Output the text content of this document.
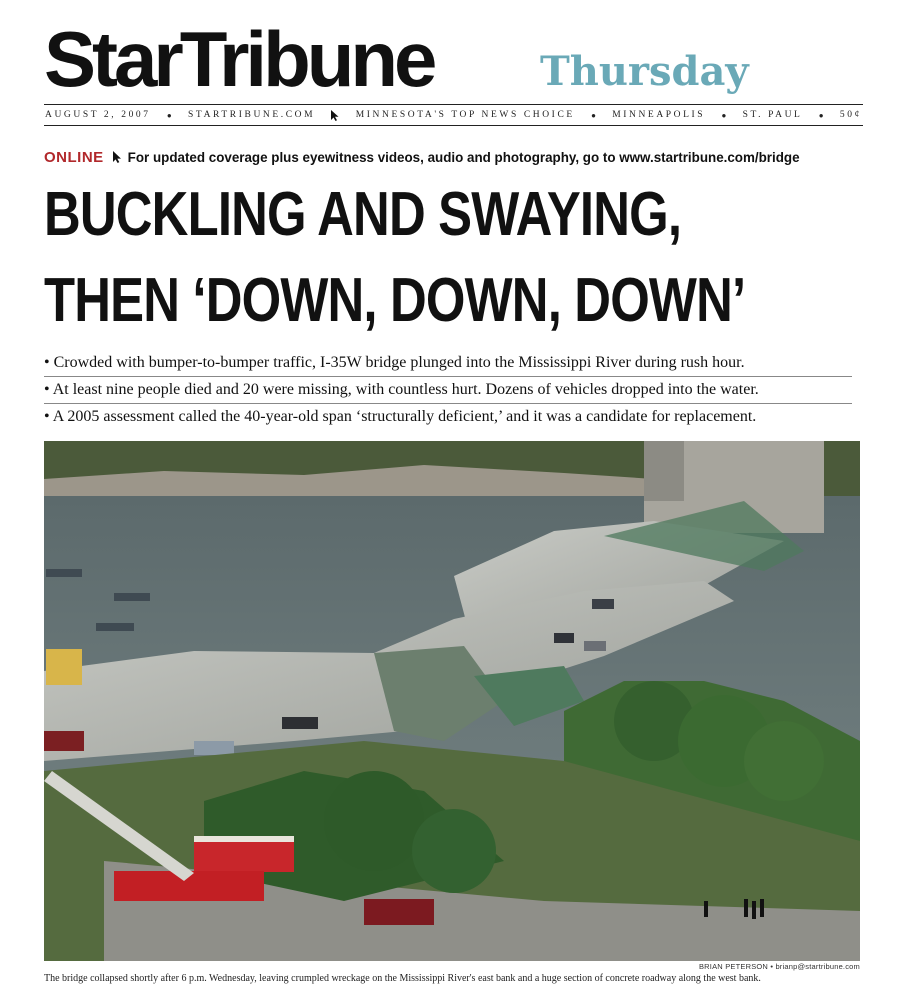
StarTribune	Thursday
AUGUST 2, 2007 ● STARTRIBUNE.COM	MINNESOTA'S TOP NEWS CHOICE ● MINNEAPOLIS ● ST. PAUL ● 50¢
ONLINE For updated coverage plus eyewitness videos, audio and photography, go to www.startribune.com/bridge
BUCKLING AND SWAYING,
THEN ‘DOWN, DOWN, DOWN’
• Crowded with bumper-to-bumper traffic, I-35W bridge plunged into the Mississippi River during rush hour.
• At least nine people died and 20 were missing, with countless hurt. Dozens of vehicles dropped into the water.
• A 2005 assessment called the 40-year-old span ‘structurally deficient,’ and it was a candidate for replacement.
BRIAN PETERSON • brianp@startribune.com
The bridge collapsed shortly after 6 p.m. Wednesday, leaving crumpled wreckage on the Mississippi River's east bank and a huge section of concrete roadway along the west bank.
